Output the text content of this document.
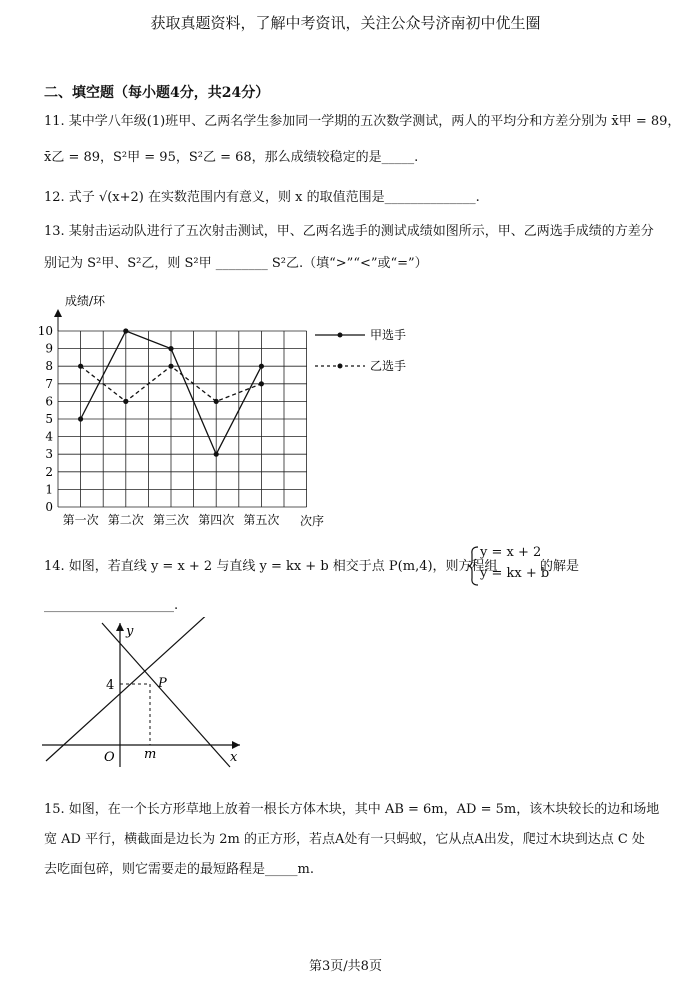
获取真题资料，了解中考资讯，关注公众号济南初中优生圈
二、填空题（每小题4分，共24分）
11. 某中学八年级(1)班甲、乙两名学生参加同一学期的五次数学测试，两人的平均分和方差分别为 x̄甲 = 89，
x̄乙 = 89，S²甲 = 95，S²乙 = 68，那么成绩较稳定的是_____.
12. 式子 √(x+2) 在实数范围内有意义，则 x 的取值范围是______________.
13. 某射击运动队进行了五次射击测试，甲、乙两名选手的测试成绩如图所示，甲、乙两选手成绩的方差分
别记为 S²甲、S²乙，则 S²甲 ________ S²乙.（填“>”“<”或“=”）
0
1
2
3
4
5
6
7
8
9
10
第一次 第二次 第三次 第四次 第五次
成绩/环
次序
甲选手
乙选手
14. 如图，若直线 y = x + 2 与直线 y = kx + b 相交于点 P(m,4)，则方程组
y = x + 2
y = kx + b
的解是
____________________.
y
x
O m
4	P
15. 如图，在一个长方形草地上放着一根长方体木块，其中 AB = 6m，AD = 5m，该木块较长的边和场地
宽 AD 平行，横截面是边长为 2m 的正方形，若点A处有一只蚂蚁，它从点A出发，爬过木块到达点 C 处
去吃面包碎，则它需要走的最短路程是_____m.
第3页/共8页
